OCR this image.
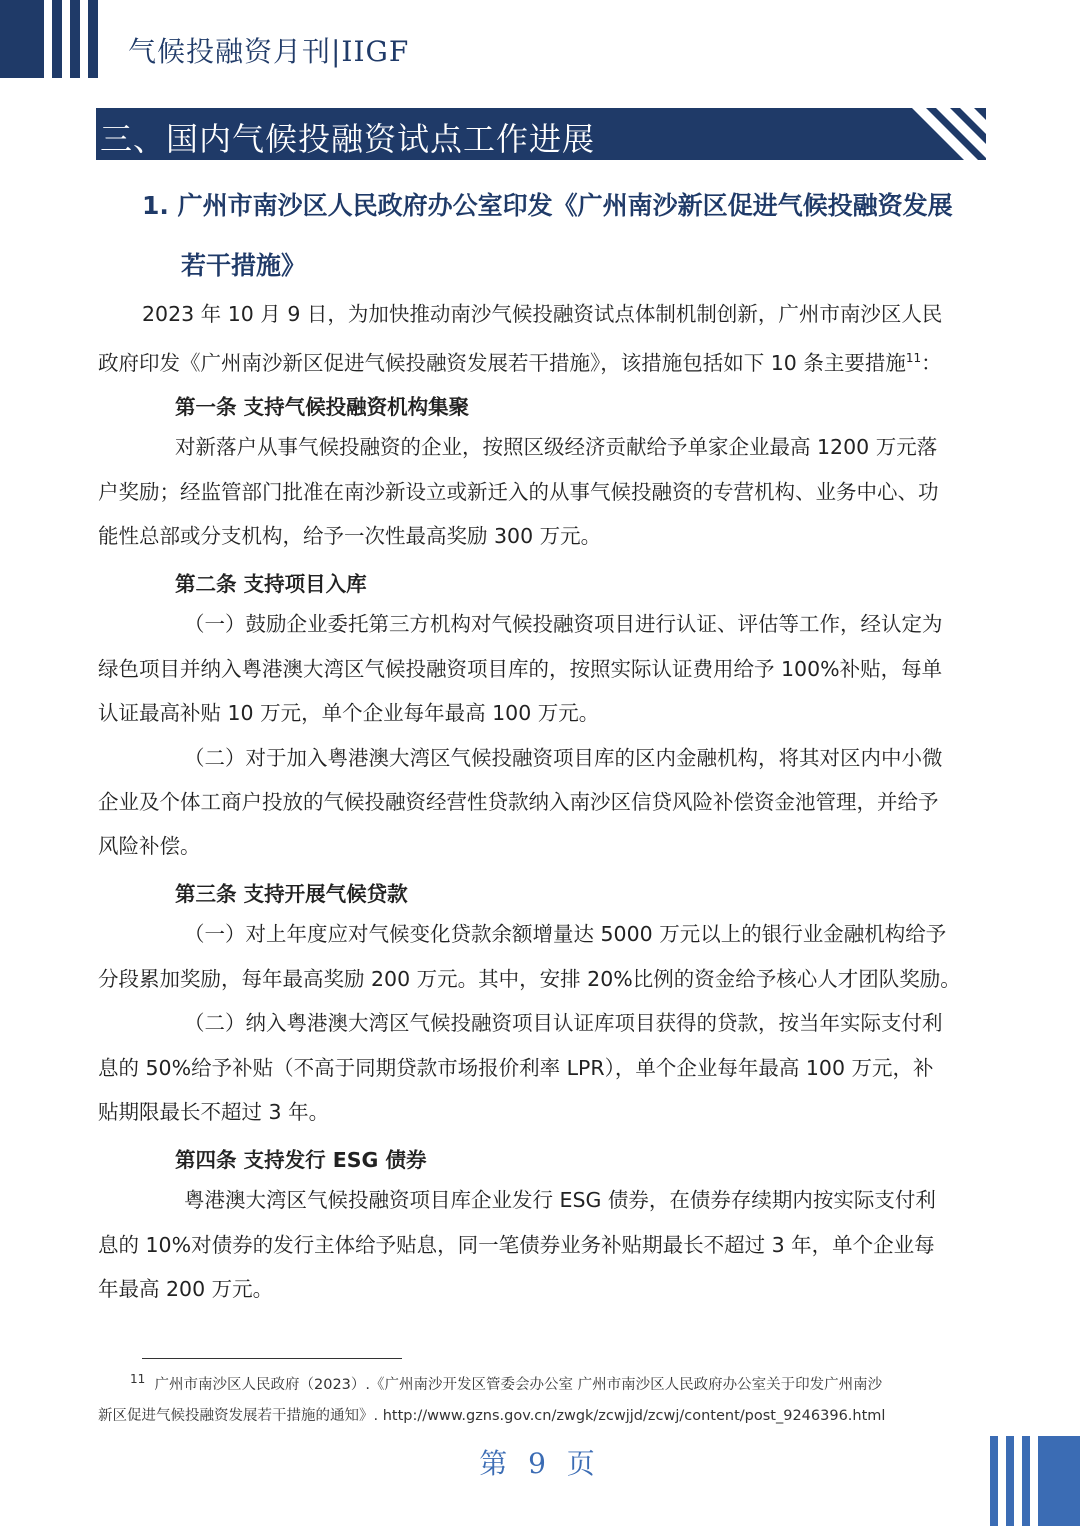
气候投融资月刊|IIGF
三、国内气候投融资试点工作进展
1. 广州市南沙区人民政府办公室印发《广州南沙新区促进气候投融资发展
若干措施》
2023 年 10 月 9 日，为加快推动南沙气候投融资试点体制机制创新，广州市南沙区人民
政府印发《广州南沙新区促进气候投融资发展若干措施》，该措施包括如下 10 条主要措施$^{11}$：
第一条 支持气候投融资机构集聚
对新落户从事气候投融资的企业，按照区级经济贡献给予单家企业最高 1200 万元落
户奖励；经监管部门批准在南沙新设立或新迁入的从事气候投融资的专营机构、业务中心、功
能性总部或分支机构，给予一次性最高奖励 300 万元。
第二条 支持项目入库
（一）鼓励企业委托第三方机构对气候投融资项目进行认证、评估等工作，经认定为
绿色项目并纳入粤港澳大湾区气候投融资项目库的，按照实际认证费用给予 100%补贴，每单
认证最高补贴 10 万元，单个企业每年最高 100 万元。
（二）对于加入粤港澳大湾区气候投融资项目库的区内金融机构，将其对区内中小微
企业及个体工商户投放的气候投融资经营性贷款纳入南沙区信贷风险补偿资金池管理，并给予
风险补偿。
第三条 支持开展气候贷款
（一）对上年度应对气候变化贷款余额增量达 5000 万元以上的银行业金融机构给予
分段累加奖励，每年最高奖励 200 万元。其中，安排 20%比例的资金给予核心人才团队奖励。
（二）纳入粤港澳大湾区气候投融资项目认证库项目获得的贷款，按当年实际支付利
息的 50%给予补贴（不高于同期贷款市场报价利率 LPR），单个企业每年最高 100 万元，补
贴期限最长不超过 3 年。
第四条 支持发行 ESG 债券
粤港澳大湾区气候投融资项目库企业发行 ESG 债券，在债券存续期内按实际支付利
息的 10%对债券的发行主体给予贴息，同一笔债券业务补贴期最长不超过 3 年，单个企业每
年最高 200 万元。
$^{11}$ 广州市南沙区人民政府（2023）.《广州南沙开发区管委会办公室 广州市南沙区人民政府办公室关于印发广州南沙
新区促进气候投融资发展若干措施的通知》. http://www.gzns.gov.cn/zwgk/zcwjjd/zcwj/content/post_9246396.html
第 9 页
